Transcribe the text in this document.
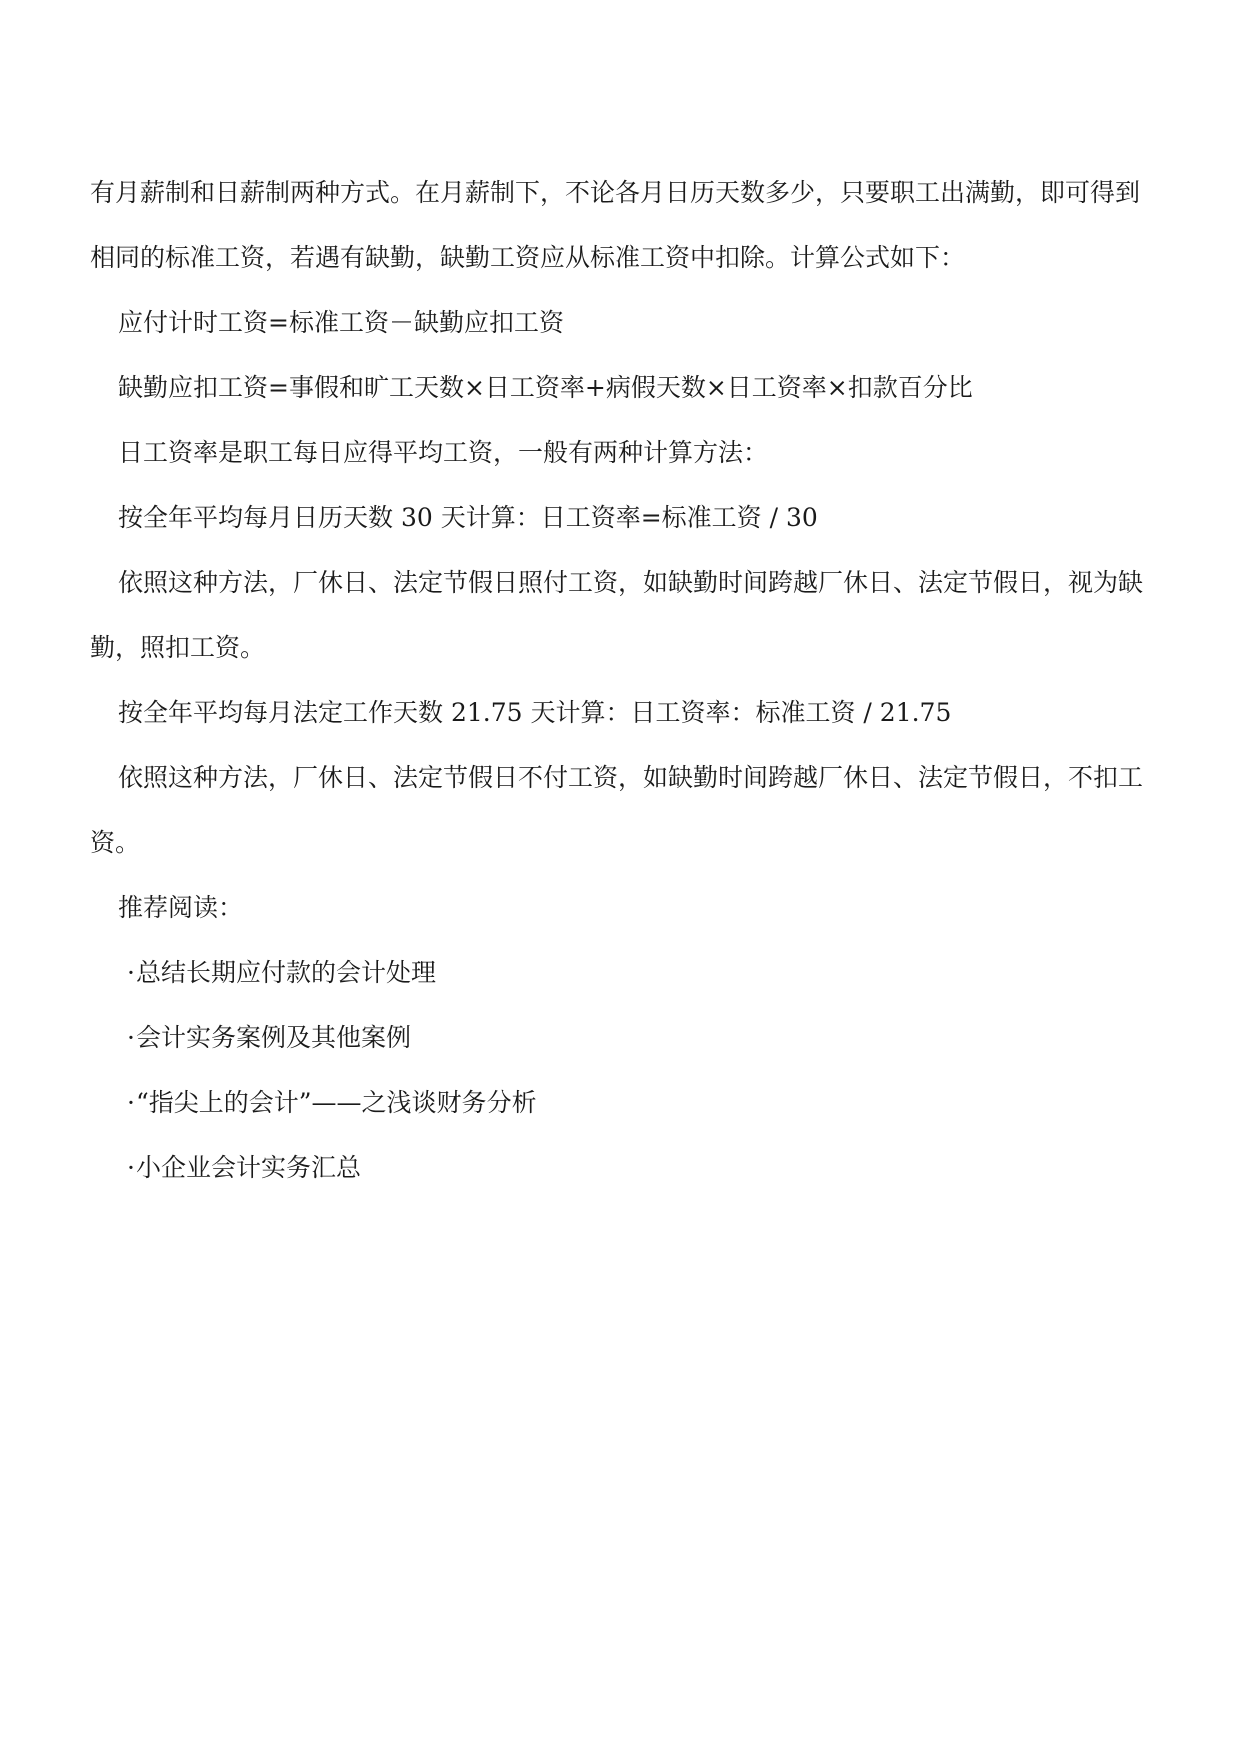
有月薪制和日薪制两种方式。在月薪制下，不论各月日历天数多少，只要职工出满勤，即可得到相同的标准工资，若遇有缺勤，缺勤工资应从标准工资中扣除。计算公式如下：

应付计时工资=标准工资－缺勤应扣工资

缺勤应扣工资=事假和旷工天数×日工资率+病假天数×日工资率×扣款百分比

日工资率是职工每日应得平均工资，一般有两种计算方法：

按全年平均每月日历天数 30 天计算：日工资率=标准工资 / 30

依照这种方法，厂休日、法定节假日照付工资，如缺勤时间跨越厂休日、法定节假日，视为缺勤，照扣工资。

按全年平均每月法定工作天数 21.75 天计算：日工资率：标准工资 / 21.75

依照这种方法，厂休日、法定节假日不付工资，如缺勤时间跨越厂休日、法定节假日，不扣工资。

推荐阅读：

· 总结长期应付款的会计处理
· 会计实务案例及其他案例
· “指尖上的会计”——之浅谈财务分析
· 小企业会计实务汇总
